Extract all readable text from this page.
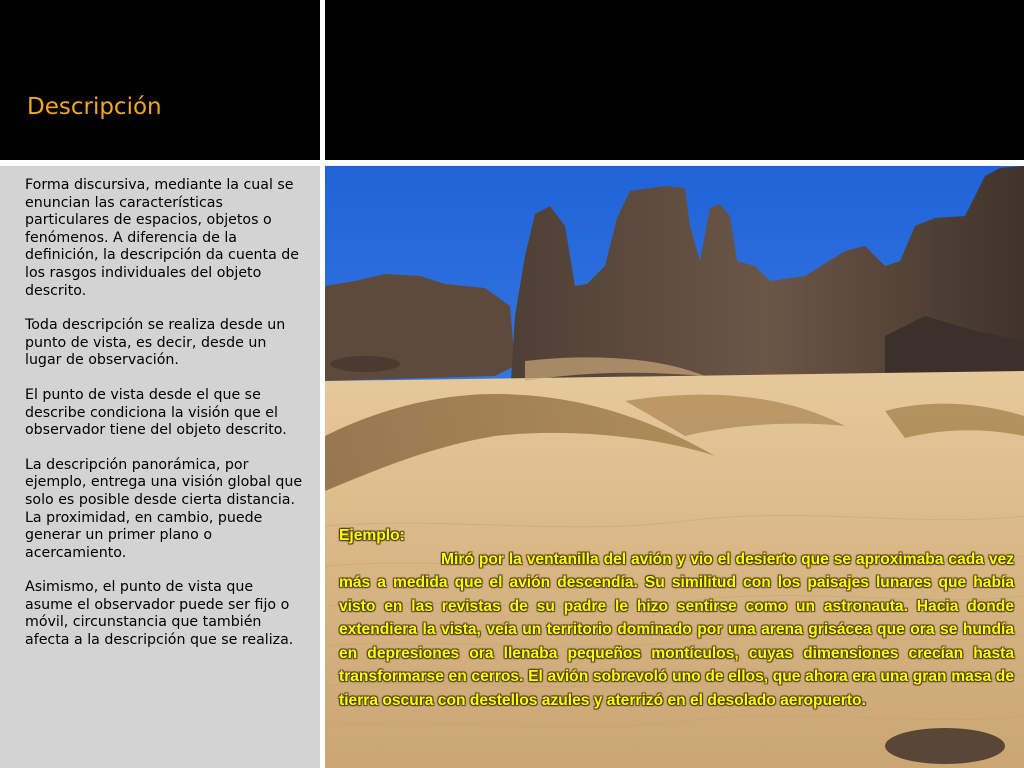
Descripción

Forma discursiva, mediante la cual se enuncian las características particulares de espacios, objetos o fenómenos. A diferencia de la definición, la descripción da cuenta de los rasgos individuales del objeto descrito.

Toda descripción se realiza desde un punto de vista, es decir, desde un lugar de observación.

El punto de vista desde el que se describe condiciona la visión que el observador tiene del objeto descrito.

La descripción panorámica, por ejemplo, entrega una visión global que solo es posible desde cierta distancia. La proximidad, en cambio, puede generar un primer plano o acercamiento.

Asimismo, el punto de vista que asume el observador puede ser fijo o móvil, circunstancia que también afecta a la descripción que se realiza.

Ejemplo:
Miró por la ventanilla del avión y vio el desierto que se aproximaba cada vez más a medida que el avión descendía. Su similitud con los paisajes lunares que había visto en las revistas de su padre le hizo sentirse como un astronauta. Hacia donde extendiera la vista, veía un territorio dominado por una arena grisácea que ora se hundía en depresiones ora llenaba pequeños montículos, cuyas dimensiones crecían hasta transformarse en cerros. El avión sobrevoló uno de ellos, que ahora era una gran masa de tierra oscura con destellos azules y aterrizó en el desolado aeropuerto.
